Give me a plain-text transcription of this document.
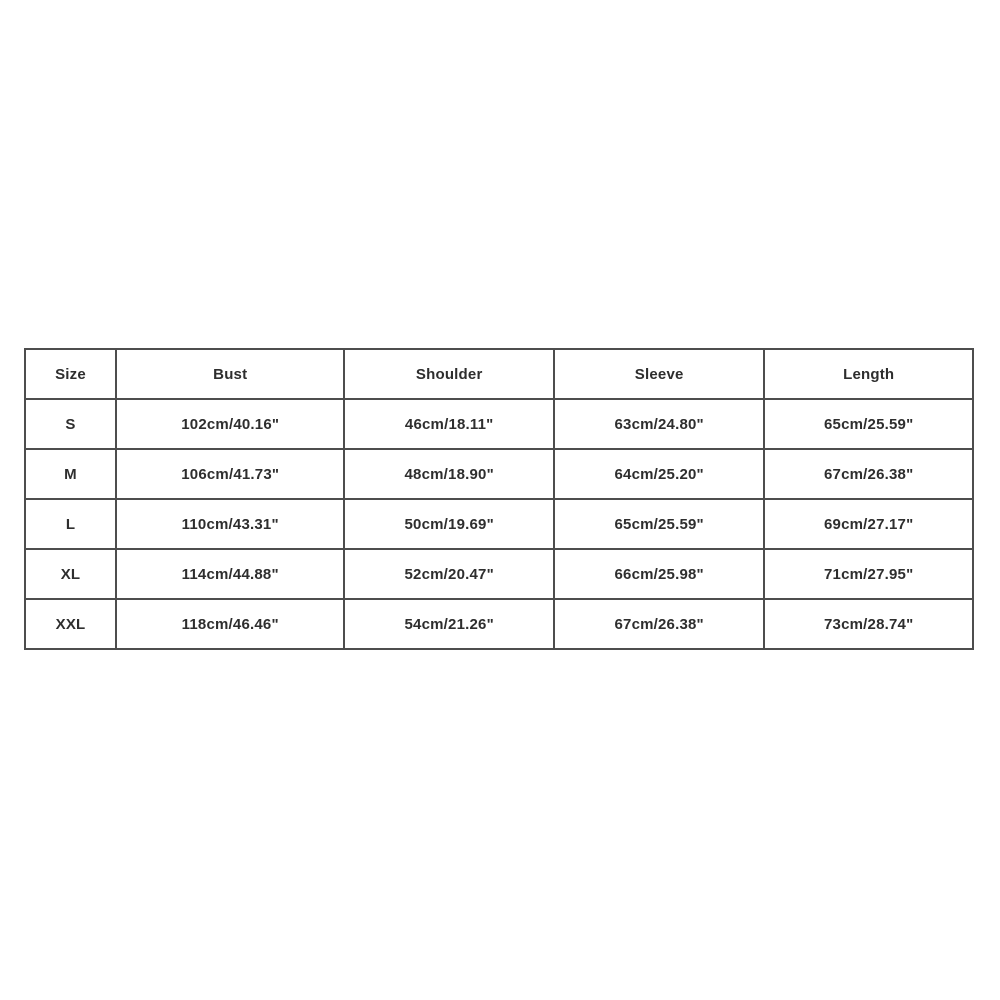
Size	Bust	Shoulder	Sleeve	Length
S	102cm/40.16"	46cm/18.11"	63cm/24.80"	65cm/25.59"
M	106cm/41.73"	48cm/18.90"	64cm/25.20"	67cm/26.38"
L	110cm/43.31"	50cm/19.69"	65cm/25.59"	69cm/27.17"
XL	114cm/44.88"	52cm/20.47"	66cm/25.98"	71cm/27.95"
XXL	118cm/46.46"	54cm/21.26"	67cm/26.38"	73cm/28.74"
